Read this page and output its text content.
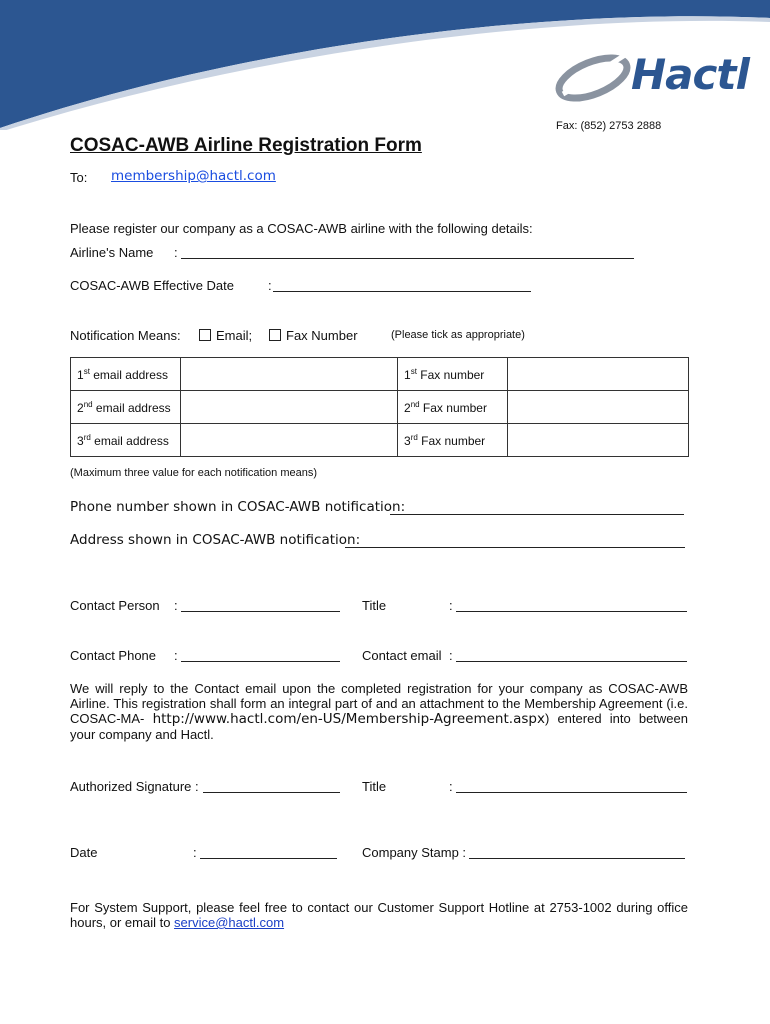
Hactl
Fax: (852) 2753 2888
COSAC-AWB Airline Registration Form
To: membership@hactl.com
Please register our company as a COSAC-AWB airline with the following details:
Airline's Name :
COSAC-AWB Effective Date	:
Notification Means:	Email;	Fax Number	(Please tick as appropriate)
1st email address		1st Fax number	
2nd email address		2nd Fax number	
3rd email address		3rd Fax number	
(Maximum three value for each notification means)
Phone number shown in COSAC-AWB notification:
Address shown in COSAC-AWB notification:
Contact Person :	Title	:
Contact Phone :	Contact email :
We will reply to the Contact email upon the completed registration for your company as COSAC-AWB Airline. This registration shall form an integral part of and an attachment to the Membership Agreement (i.e. COSAC-MA- http://www.hactl.com/en-US/Membership-Agreement.aspx) entered into between your company and Hactl.
Authorized Signature :	Title	:
Date	:	Company Stamp :
For System Support, please feel free to contact our Customer Support Hotline at 2753-1002 during office hours, or email to service@hactl.com
